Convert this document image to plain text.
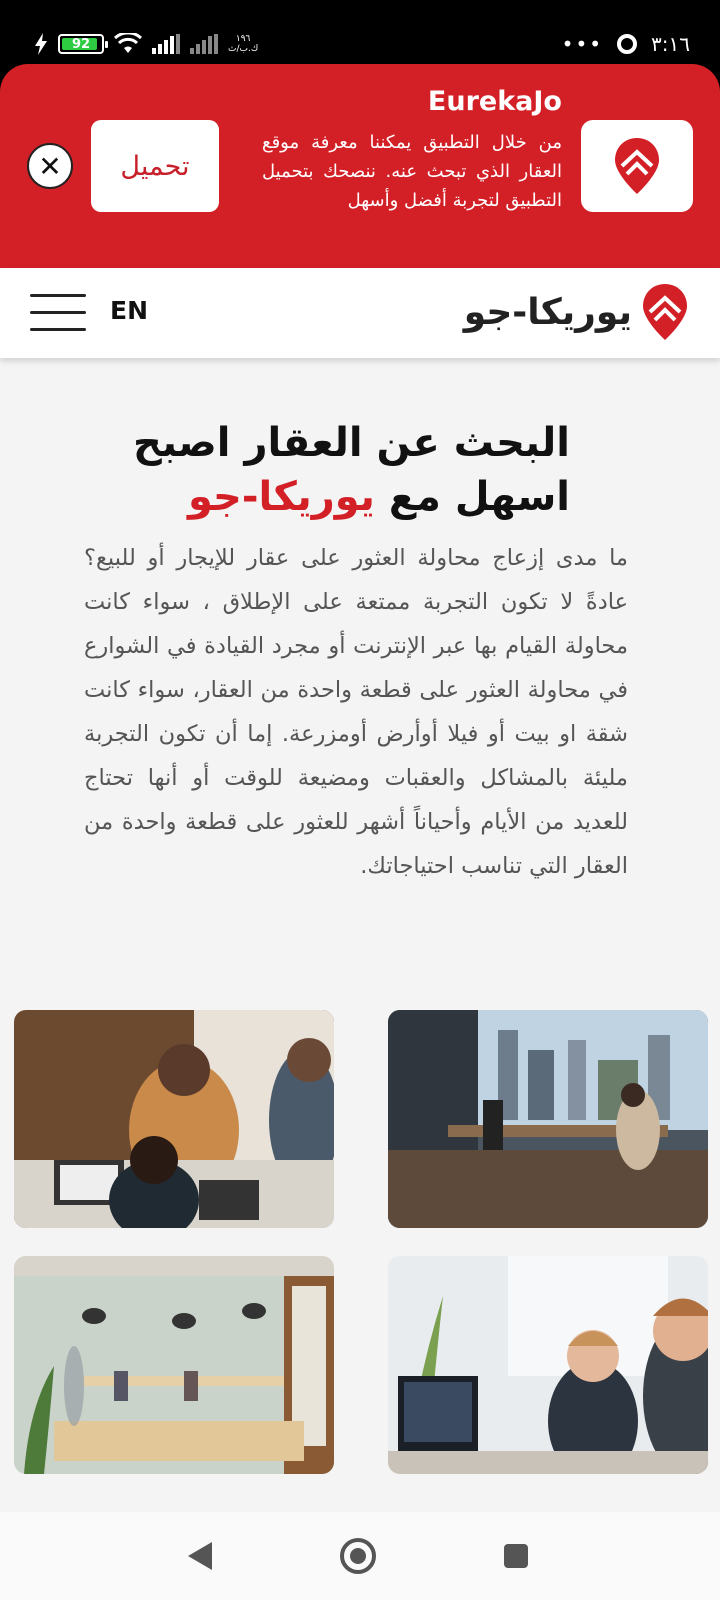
92	١٩٦
ك.ب/ث	••• ٣:١٦
EurekaJo
من خلال التطبيق يمكننا معرفة موقع العقار الذي تبحث عنه. ننصحك بتحميل التطبيق لتجربة أفضل وأسهل
تحميل
✕
EN	يوريكا-جو
البحث عن العقار اصبح
اسهل مع يوريكا-جو

ما مدى إزعاج محاولة العثور على عقار للإيجار أو للبيع؟ عادةً لا تكون التجربة ممتعة على الإطلاق ، سواء كانت محاولة القيام بها عبر الإنترنت أو مجرد القيادة في الشوارع في محاولة العثور على قطعة واحدة من العقار، سواء كانت شقة او بيت أو فيلا أوأرض أومزرعة. إما أن تكون التجربة مليئة بالمشاكل والعقبات ومضيعة للوقت أو أنها تحتاج للعديد من الأيام وأحياناً أشهر للعثور على قطعة واحدة من العقار التي تناسب احتياجاتك.
